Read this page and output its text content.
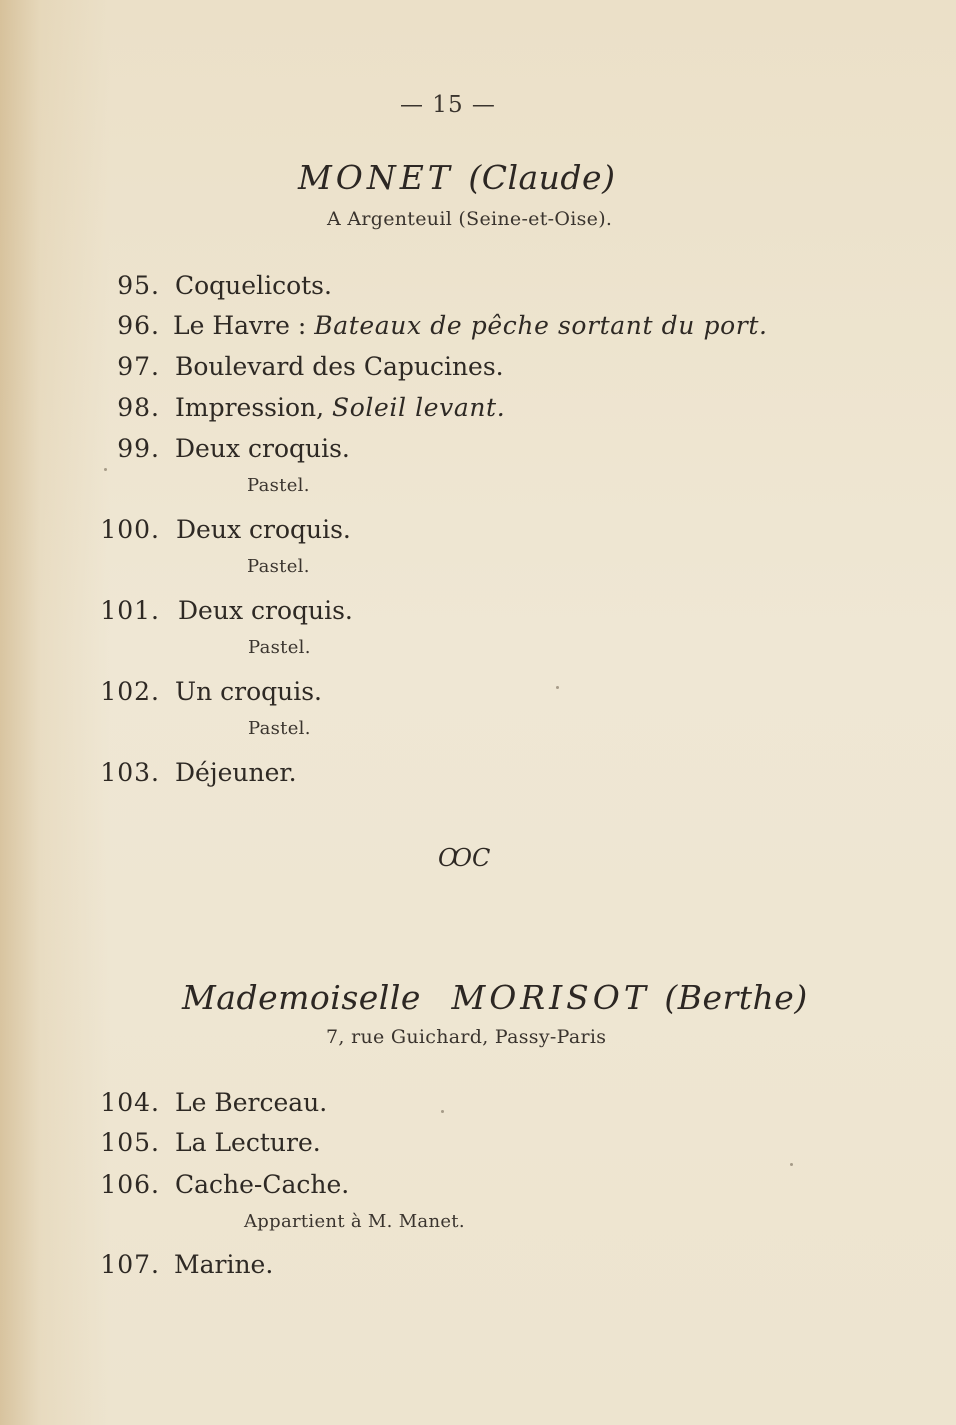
— 15 —
MONET (Claude)
A Argenteuil (Seine-et-Oise).
95. Coquelicots.
96. Le Havre : Bateaux de pêche sortant du port.
97. Boulevard des Capucines.
98. Impression, Soleil levant.
99. Deux croquis.
Pastel.
100. Deux croquis.
Pastel.
101. Deux croquis.
Pastel.
102. Un croquis.
Pastel.
103. Déjeuner.
ꝎC
Mademoiselle MORISOT (Berthe)
7, rue Guichard, Passy-Paris
104. Le Berceau.
105. La Lecture.
106. Cache-Cache.
Appartient à M. Manet.
107. Marine.
